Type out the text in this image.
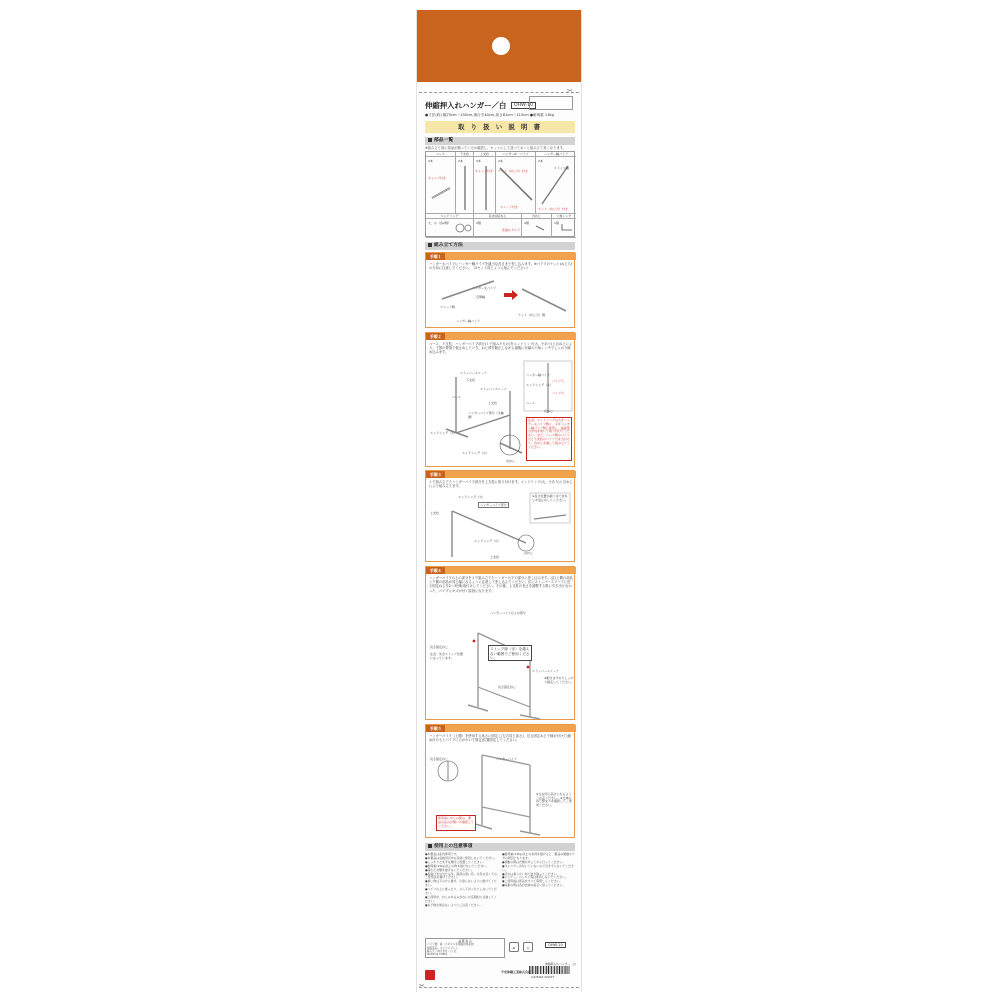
✂
伸縮押入れハンガー／白	OHW-10
●寸法(約) 幅75cm〜130cm,奥行き40cm,高さ81cm〜110cm ●耐荷重 13kg
取 り 扱 い 説 明 書
部品一覧
※組み立て前に部品が揃っているか確認し、セットにして並べておくと組み立て易くなります。
ベース
2本
キャップ付き
下支柱
2本
上支柱
2本
キャップ付き
ハンガーR・パイプ
2本
ナット（ねじ穴）付き
スリーブ付き
ハンガー軸パイプ
2本
ストップ軸
ナット（ねじ穴）付き
エンドリング
大、小（各2個）
長さ固定ねじ
2個
先端小タイプ
自ねじ
4個
六角レンチ
1個
組み立て方法
手順１
ハンガー太パイプにハンガー軸パイプを適当な長さまで差し込みます。※パイプのナット(ねじ穴)の方向に注意してください。（2セット同じように組んでください）
ハンガー太パイプ
空間幅
スリーブ側
ハンガー軸パイプ
ナット（ねじ穴）側
手順２
ベース、下支柱、ハンガーパイプ部分(１で組みたもの)をエンドリング(大、小あり)と自ねじにより、下図の要領で仮止めしていき、ねじ棒を軽正しながら最後に付属の六角レンチでしっかり締め込みます。
ストッパースリーブ
下支柱
ストッパースリーブ
ベース
上支柱
ハンガーパイプ部分（太軸側）
エンドリング（大）
エンドリング（小）
自ねじ
ハンガー軸パイプ
エンドリング（小）
パイプ穴
パイプ穴
ベース
自ねじ
注意）エンドリングは大をハンガー太パイプ側に、小をハンガー軸パイプ側に使用し、曲面部分が内を向いて取り付けてください。また、ベース側のパイプ穴と下支柱のパイプ穴を合わせて、自ねじを通して組み立ててください。
手順３
１で組み立てたハンガーパイプ部分を上支柱に取り付けます。エンドリング(大、小あり)と自ねじにより組み立てます。
エンドリング（大）
ハンガーパイプ部分
上支柱
エンドリング（小）
自ねじ
上支柱
※長さ位置が揃うまで自ねじを仮止めしてください。
手順４
ハンガーパイプの上の部分を２で組み立てたハンガーの下の部分に差し込みます。(注)上側の部品と下側の部品が同じ幅になるように注意して差し込んでください。次にストッパースリーブに長さ固定ねじを2〜3回転取付けしてください。その後、上支柱の長さを調整する際に引き出せなかった、パイプにキズが付く原因になります。
ハンガーパイプの上の部分
長さ固定ねじ
ストッパースリーブ
長さ固定ねじ
注意：先がストップ位置になっています。
ストップ線（赤）を越えない範囲でご使用ください。
※動きますのでしっかり固定してください。
手順５
ハンガーパイプ（上側）を使用する高さに固定し(左右同じ高さ)、長さ固定ねじで締め付けて(締め付けるとパイプに穴がかいて固定)位置固定してください。
ハンガーパイプ
長さ固定ねじ
※左右同じ高さになるようご注意ください。※全体のねじ締まりを確認してご使用ください。
使用前にねじの緩み、製品の歪みが無いか確認してください。
使用上の注意事項
●本製品は室内専用です。
●本製品は収納用以外の目的に使用しないでください。
●しっかりと水平な場所に設置してください。
●耐荷重(13kg)以上の物を掛けないでください。
●濡れた衣類を掛けないでください。
●直射日光の当たる所、湿度の高い所、火気の近くでのご使用はお避けください。
●重い物は下の方に掛け、片寄らないように掛けてください。
●パイプの上に乗ったり、ぶら下がったりしないでください。
●ご使用中、ねじのゆるみがないか定期的に点検してください。
●お子様が遊ばないようにご注意ください。
●耐荷重(13kg)以上の負荷を掛けると、製品の破損やケガの原因となります。
●移動の際は衣類を外してから行ってください。
●キャスターが付いていないので引きずらないでください。
●汚れは柔らかい布で拭き取ってください。
●シンナー、ベンジン等は使用しないでください。
●ご使用後は部品をすべて保管してください。
●廃棄の際は各自治体の指示に従ってください。
品 質 表 示
パイプ類：鉄（エポキシ系樹脂粉体塗装）
樹脂部品：ポリプロピレン
輸入元：株式会社 ○○ 社
MADE IN CHINA
♻	◎
OHW-10
伸縮押入れハンガー・白
平安伸銅工業株式会社
4 974462 201537
✂
